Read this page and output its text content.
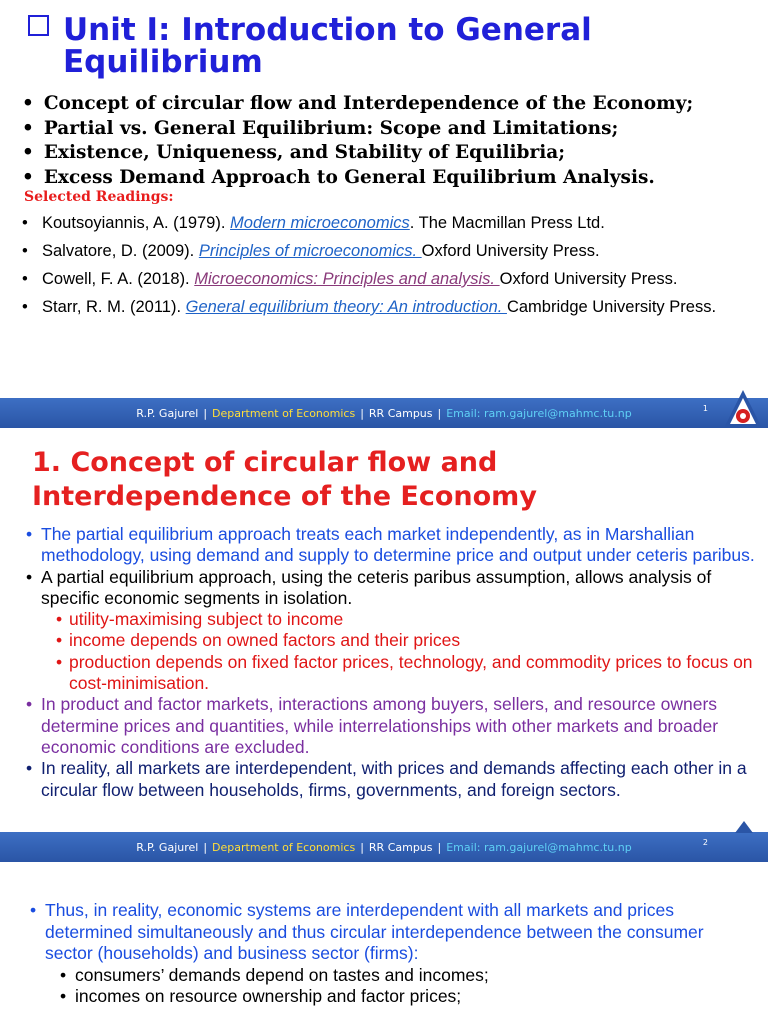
Unit I: Introduction to General
Equilibrium
• Concept of circular flow and Interdependence of the Economy;
• Partial vs. General Equilibrium: Scope and Limitations;
• Existence, Uniqueness, and Stability of Equilibria;
• Excess Demand Approach to General Equilibrium Analysis.
Selected Readings:
• Koutsoyiannis, A. (1979). Modern microeconomics. The Macmillan Press Ltd.
• Salvatore, D. (2009). Principles of microeconomics. Oxford University Press.
• Cowell, F. A. (2018). Microeconomics: Principles and analysis. Oxford University Press.
• Starr, R. M. (2011). General equilibrium theory: An introduction. Cambridge University Press.
R.P. Gajurel | Department of Economics | RR Campus | Email: ram.gajurel@mahmc.tu.np	1
1. Concept of circular flow and
Interdependence of the Economy
• The partial equilibrium approach treats each market independently, as in Marshallian methodology, using demand and supply to determine price and output under ceteris paribus.
• A partial equilibrium approach, using the ceteris paribus assumption, allows analysis of specific economic segments in isolation.
• utility-maximising subject to income
• income depends on owned factors and their prices
• production depends on fixed factor prices, technology, and commodity prices to focus on cost-minimisation.
• In product and factor markets, interactions among buyers, sellers, and resource owners determine prices and quantities, while interrelationships with other markets and broader economic conditions are excluded.
• In reality, all markets are interdependent, with prices and demands affecting each other in a circular flow between households, firms, governments, and foreign sectors.
R.P. Gajurel | Department of Economics | RR Campus | Email: ram.gajurel@mahmc.tu.np	2
• Thus, in reality, economic systems are interdependent with all markets and prices determined simultaneously and thus circular interdependence between the consumer sector (households) and business sector (firms):
• consumers’ demands depend on tastes and incomes;
• incomes on resource ownership and factor prices;
